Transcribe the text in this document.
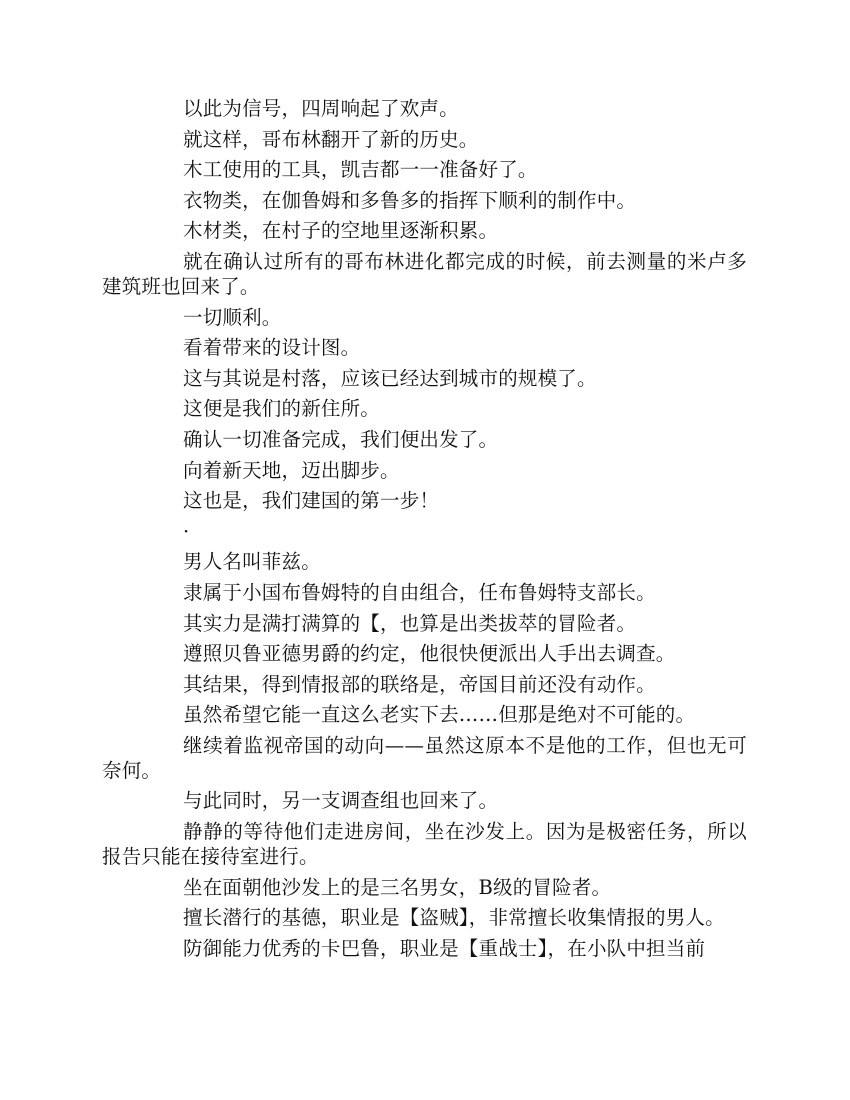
以此为信号，四周响起了欢声。

就这样，哥布林翻开了新的历史。

木工使用的工具，凯吉都一一准备好了。

衣物类，在伽鲁姆和多鲁多的指挥下顺利的制作中。

木材类，在村子的空地里逐渐积累。

就在确认过所有的哥布林进化都完成的时候，前去测量的米卢多建筑班也回来了。

一切顺利。

看着带来的设计图。

这与其说是村落，应该已经达到城市的规模了。

这便是我们的新住所。

确认一切准备完成，我们便出发了。

向着新天地，迈出脚步。

这也是，我们建国的第一步！

·

男人名叫菲兹。

隶属于小国布鲁姆特的自由组合，任布鲁姆特支部长。

其实力是满打满算的【，也算是出类拔萃的冒险者。

遵照贝鲁亚德男爵的约定，他很快便派出人手出去调查。

其结果，得到情报部的联络是，帝国目前还没有动作。

虽然希望它能一直这么老实下去……但那是绝对不可能的。

继续着监视帝国的动向——虽然这原本不是他的工作，但也无可奈何。

与此同时，另一支调查组也回来了。

静静的等待他们走进房间，坐在沙发上。因为是极密任务，所以报告只能在接待室进行。

坐在面朝他沙发上的是三名男女，B级的冒险者。

擅长潜行的基德，职业是【盗贼】，非常擅长收集情报的男人。

防御能力优秀的卡巴鲁，职业是【重战士】，在小队中担当前
